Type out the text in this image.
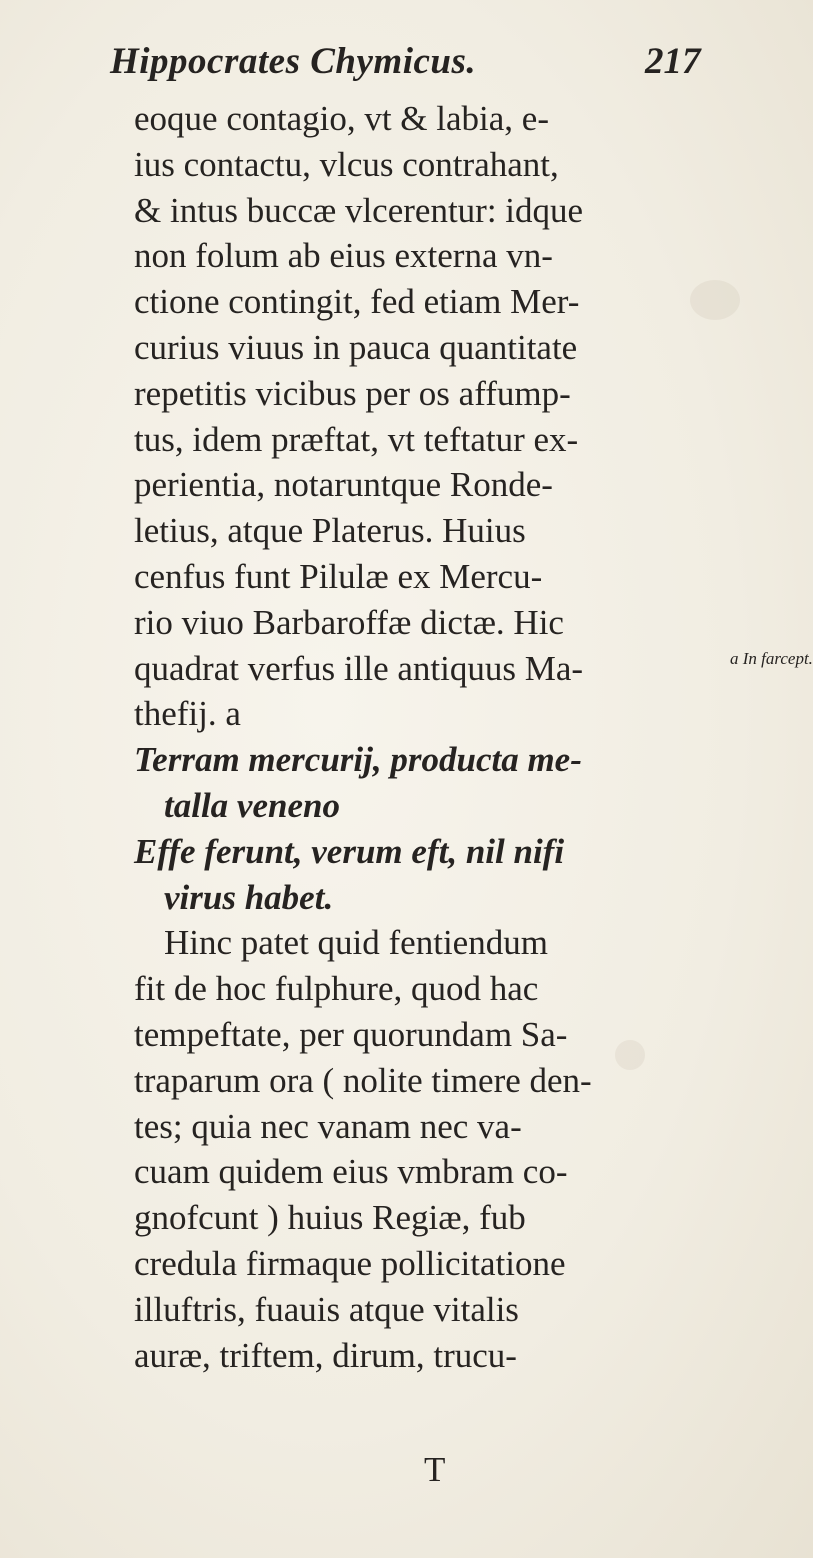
Hippocrates Chymicus.	217
eoque contagio, vt & labia, e-
ius contactu, vlcus contrahant,
& intus buccæ vlcerentur: idque
non folum ab eius externa vn-
ctione contingit, fed etiam Mer-
curius viuus in pauca quantitate
repetitis vicibus per os affump-
tus, idem præftat, vt teftatur ex-
perientia, notaruntque Ronde-
letius, atque Platerus. Huius
cenfus funt Pilulæ ex Mercu-
rio viuo Barbaroffæ dictæ. Hic
quadrat verfus ille antiquus Ma-
thefij. a
Terram mercurij, producta me-
talla veneno
Effe ferunt, verum eft, nil nifi
virus habet.
Hinc patet quid fentiendum
fit de hoc fulphure, quod hac
tempeftate, per quorundam Sa-
traparum ora ( nolite timere den-
tes; quia nec vanam nec va-
cuam quidem eius vmbram co-
gnofcunt ) huius Regiæ, fub
credula firmaque pollicitatione
illuftris, fuauis atque vitalis
auræ, triftem, dirum, trucu-
a In farcept.
T
